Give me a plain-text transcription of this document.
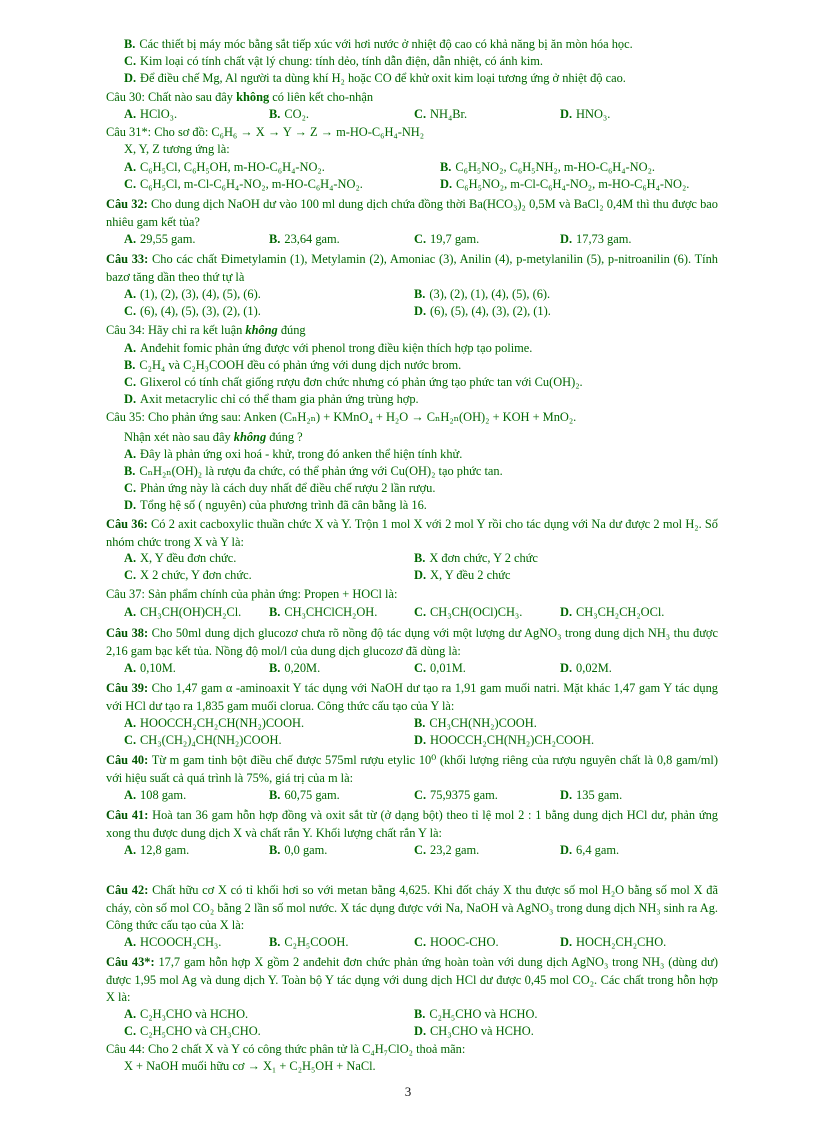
B. Các thiết bị máy móc bằng sắt tiếp xúc với hơi nước ở nhiệt độ cao có khả năng bị ăn mòn hóa học.
C. Kim loại có tính chất vật lý chung: tính dẻo, tính dẫn điện, dẫn nhiệt, có ánh kim.
D. Để điều chế Mg, Al người ta dùng khí H₂ hoặc CO để khử oxit kim loại tương ứng ở nhiệt độ cao.
Câu 30: Chất nào sau đây không có liên kết cho-nhận
A. HClO₃.	B. CO₂.	C. NH₄Br.	D. HNO₃.
Câu 31*: Cho sơ đồ: C₆H₆ → X → Y → Z → m-HO-C₆H₄-NH₂
X, Y, Z tương ứng là:
A. C₆H₅Cl, C₆H₅OH, m-HO-C₆H₄-NO₂.	B. C₆H₅NO₂, C₆H₅NH₂, m-HO-C₆H₄-NO₂.
C. C₆H₅Cl, m-Cl-C₆H₄-NO₂, m-HO-C₆H₄-NO₂.	D. C₆H₅NO₂, m-Cl-C₆H₄-NO₂, m-HO-C₆H₄-NO₂.
Câu 32: Cho dung dịch NaOH dư vào 100 ml dung dịch chứa đồng thời Ba(HCO₃)₂ 0,5M và BaCl₂ 0,4M thì thu được bao nhiêu gam kết tủa?
A. 29,55 gam.	B. 23,64 gam.	C. 19,7 gam.	D. 17,73 gam.
Câu 33: Cho các chất Đimetylamin (1), Metylamin (2), Amoniac (3), Anilin (4), p-metylanilin (5), p-nitroanilin (6). Tính bazơ tăng dần theo thứ tự là
A. (1), (2), (3), (4), (5), (6).	B. (3), (2), (1), (4), (5), (6).
C. (6), (4), (5), (3), (2), (1).	D. (6), (5), (4), (3), (2), (1).
Câu 34: Hãy chỉ ra kết luận không đúng
A. Anđehit fomic phản ứng được với phenol trong điều kiện thích hợp tạo polime.
B. C₂H₄ và C₂H₃COOH đều có phản ứng với dung dịch nước brom.
C. Glixerol có tính chất giống rượu đơn chức nhưng có phản ứng tạo phức tan với Cu(OH)₂.
D. Axit metacrylic chỉ có thể tham gia phản ứng trùng hợp.
Câu 35: Cho phản ứng sau: Anken (CₙH₂ₙ) + KMnO₄ + H₂O → CₙH₂ₙ(OH)₂ + KOH + MnO₂.
Nhận xét nào sau đây không đúng ?
A. Đây là phản ứng oxi hoá - khử, trong đó anken thể hiện tính khử.
B. CₙH₂ₙ(OH)₂ là rượu đa chức, có thể phản ứng với Cu(OH)₂ tạo phức tan.
C. Phản ứng này là cách duy nhất để điều chế rượu 2 lần rượu.
D. Tổng hệ số ( nguyên) của phương trình đã cân bằng là 16.
Câu 36: Có 2 axit cacboxylic thuần chức X và Y. Trộn 1 mol X với 2 mol Y rồi cho tác dụng với Na dư được 2 mol H₂. Số nhóm chức trong X và Y là:
A. X, Y đều đơn chức.	B. X đơn chức, Y 2 chức
C. X 2 chức, Y đơn chức.	D. X, Y đều 2 chức
Câu 37: Sản phẩm chính của phản ứng: Propen + HOCl là:
A. CH₃CH(OH)CH₂Cl. B. CH₃CHClCH₂OH.	C. CH₃CH(OCl)CH₃.	D. CH₃CH₂CH₂OCl.
Câu 38: Cho 50ml dung dịch glucozơ chưa rõ nồng độ tác dụng với một lượng dư AgNO₃ trong dung dịch NH₃ thu được 2,16 gam bạc kết tủa. Nồng độ mol/l của dung dịch glucozơ đã dùng là:
A. 0,10M.	B. 0,20M.	C. 0,01M.	D. 0,02M.
Câu 39: Cho 1,47 gam α -aminoaxit Y tác dụng với NaOH dư tạo ra 1,91 gam muối natri. Mặt khác 1,47 gam Y tác dụng với HCl dư tạo ra 1,835 gam muối clorua. Công thức cấu tạo của Y là:
A. HOOCCH₂CH₂CH(NH₂)COOH.	B. CH₃CH(NH₂)COOH.
C. CH₃(CH₂)₄CH(NH₂)COOH.	D. HOOCCH₂CH(NH₂)CH₂COOH.
Câu 40: Từ m gam tinh bột điều chế được 575ml rượu etylic 10⁰ (khối lượng riêng của rượu nguyên chất là 0,8 gam/ml) với hiệu suất cả quá trình là 75%, giá trị của m là:
A. 108 gam.	B. 60,75 gam.	C. 75,9375 gam.	D. 135 gam.
Câu 41: Hoà tan 36 gam hỗn hợp đồng và oxit sắt từ (ở dạng bột) theo tỉ lệ mol 2 : 1 bằng dung dịch HCl dư, phản ứng xong thu được dung dịch X và chất rắn Y. Khối lượng chất rắn Y là:
A. 12,8 gam.	B. 0,0 gam.	C. 23,2 gam.	D. 6,4 gam.
Câu 42: Chất hữu cơ X có tỉ khối hơi so với metan bằng 4,625. Khi đốt cháy X thu được số mol H₂O bằng số mol X đã cháy, còn số mol CO₂ bằng 2 lần số mol nước. X tác dụng được với Na, NaOH và AgNO₃ trong dung dịch NH₃ sinh ra Ag. Công thức cấu tạo của X là:
A. HCOOCH₂CH₃.	B. C₂H₅COOH.	C. HOOC-CHO.	D. HOCH₂CH₂CHO.
Câu 43*: 17,7 gam hỗn hợp X gồm 2 anđehit đơn chức phản ứng hoàn toàn với dung dịch AgNO₃ trong NH₃ (dùng dư) được 1,95 mol Ag và dung dịch Y. Toàn bộ Y tác dụng với dung dịch HCl dư được 0,45 mol CO₂. Các chất trong hỗn hợp X là:
A. C₂H₃CHO và HCHO.	B. C₂H₅CHO và HCHO.
C. C₂H₅CHO và CH₃CHO.	D. CH₃CHO và HCHO.
Câu 44: Cho 2 chất X và Y có công thức phân tử là C₄H₇ClO₂ thoả mãn:
X + NaOH muối hữu cơ → X₁ + C₂H₅OH + NaCl.
3
